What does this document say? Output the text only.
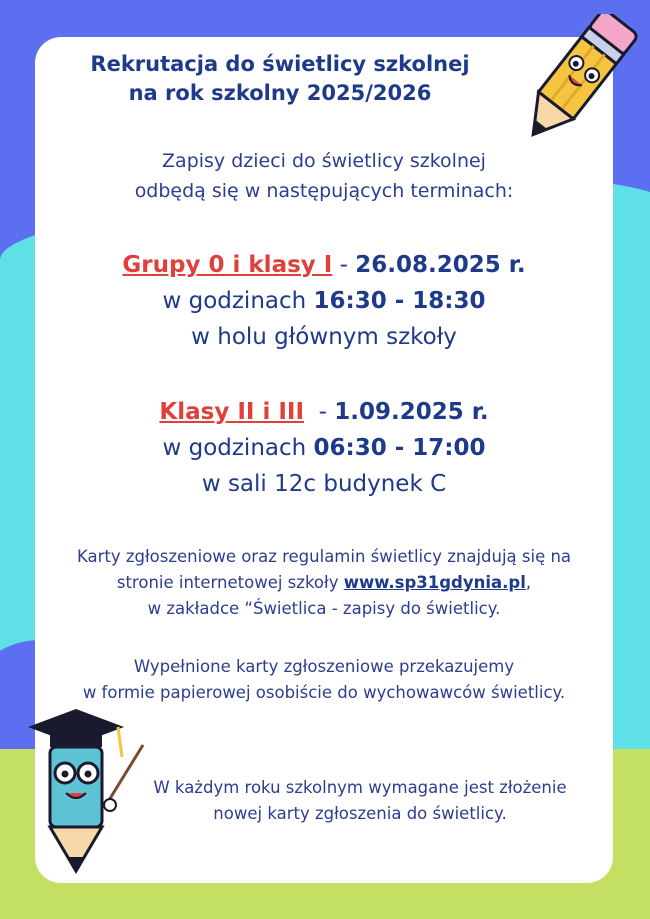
Rekrutacja do świetlicy szkolnej
na rok szkolny 2025/2026
Zapisy dzieci do świetlicy szkolnej
odbędą się w następujących terminach:
Grupy 0 i klasy I - 26.08.2025 r.
w godzinach 16:30 - 18:30
w holu głównym szkoły
Klasy II i III  - 1.09.2025 r.
w godzinach 06:30 - 17:00
w sali 12c budynek C
Karty zgłoszeniowe oraz regulamin świetlicy znajdują się na
stronie internetowej szkoły www.sp31gdynia.pl,
w zakładce “Świetlica - zapisy do świetlicy.
Wypełnione karty zgłoszeniowe przekazujemy
w formie papierowej osobiście do wychowawców świetlicy.
W każdym roku szkolnym wymagane jest złożenie
nowej karty zgłoszenia do świetlicy.
